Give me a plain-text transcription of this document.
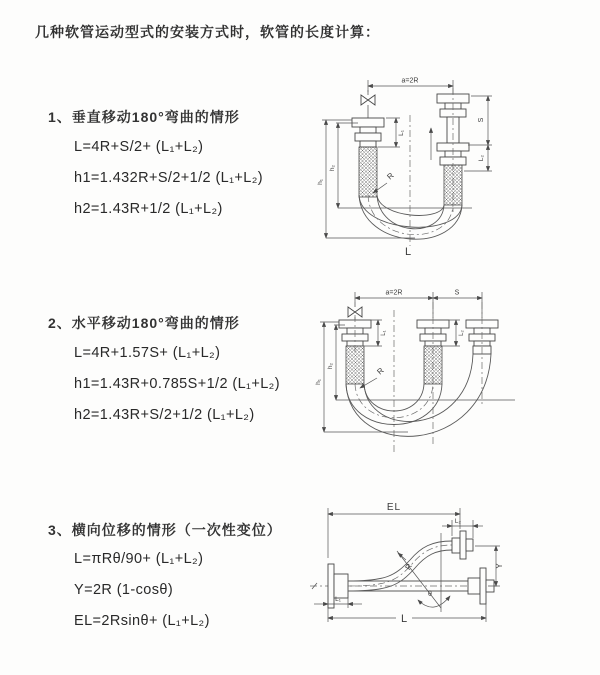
几种软管运动型式的安装方式时，软管的长度计算：
1、垂直移动180°弯曲的情形
L=4R+S/2+ (L₁+L₂)
h1=1.432R+S/2+1/2 (L₁+L₂)
h2=1.43R+1/2 (L₁+L₂)
2、水平移动180°弯曲的情形
L=4R+1.57S+ (L₁+L₂)
h1=1.43R+0.785S+1/2 (L₁+L₂)
h2=1.43R+S/2+1/2 (L₁+L₂)
3、横向位移的情形（一次性变位）
L=πRθ/90+ (L₁+L₂)
Y=2R (1-cosθ)
EL=2Rsinθ+ (L₁+L₂)
a=2R
L₁
S
L₂
h₁
h₂
R
L
a=2R	S
L₁	L₂
h₁
h₂	R
EL
L₂
Y
R
θ
L₁
L
